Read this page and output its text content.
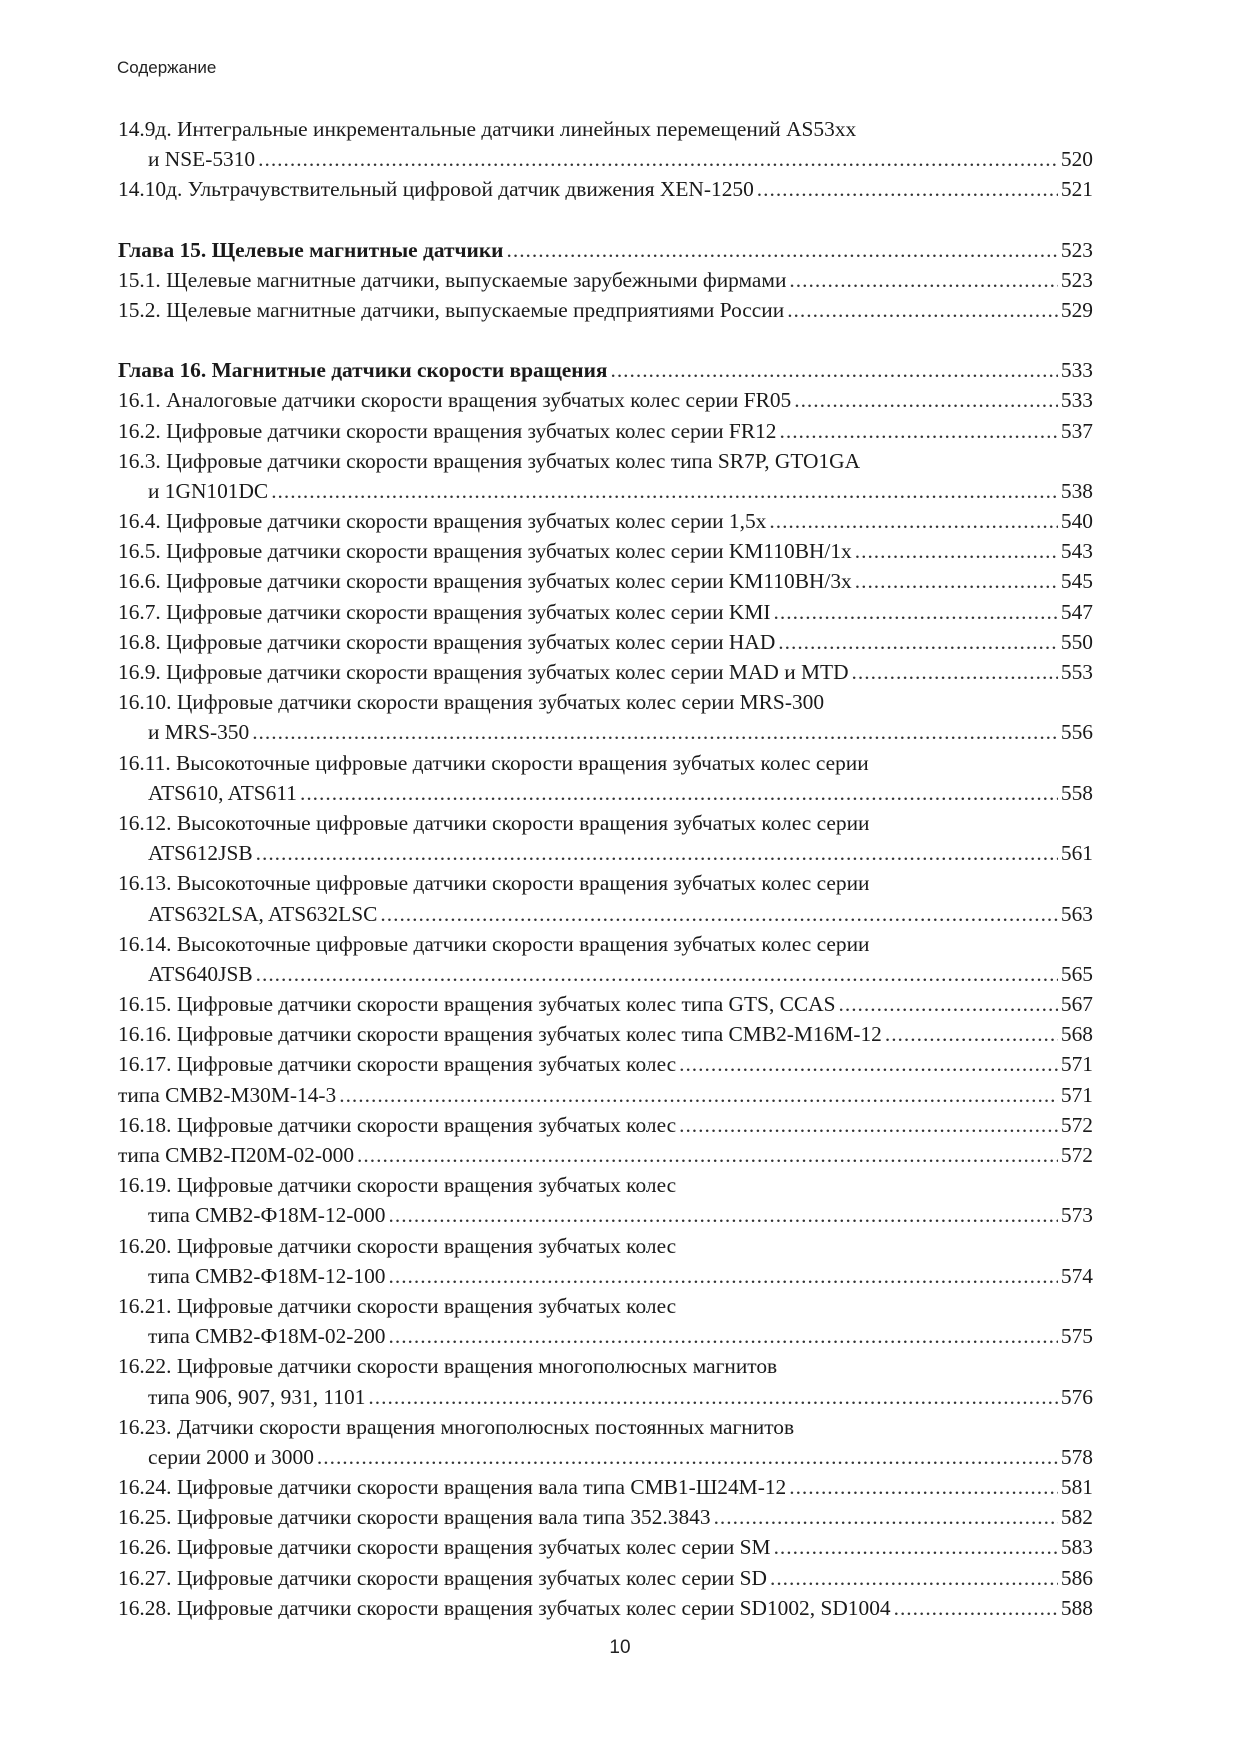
Содержание
14.9д. Интегральные инкрементальные датчики линейных перемещений AS53xx
и NSE-5310 .....	520
14.10д. Ультрачувствительный цифровой датчик движения XEN-1250 .....	521
Глава 15. Щелевые магнитные датчики .....	523
15.1. Щелевые магнитные датчики, выпускаемые зарубежными фирмами .....	523
15.2. Щелевые магнитные датчики, выпускаемые предприятиями России .....	529
Глава 16. Магнитные датчики скорости вращения .....	533
16.1. Аналоговые датчики скорости вращения зубчатых колес серии FR05 .....	533
16.2. Цифровые датчики скорости вращения зубчатых колес серии FR12 .....	537
16.3. Цифровые датчики скорости вращения зубчатых колес типа SR7P, GTO1GA
и 1GN101DC .....	538
16.4. Цифровые датчики скорости вращения зубчатых колес серии 1,5x .....	540
16.5. Цифровые датчики скорости вращения зубчатых колес серии KM110BH/1x .....	543
16.6. Цифровые датчики скорости вращения зубчатых колес серии KM110BH/3x .....	545
16.7. Цифровые датчики скорости вращения зубчатых колес серии KMI .....	547
16.8. Цифровые датчики скорости вращения зубчатых колес серии HAD .....	550
16.9. Цифровые датчики скорости вращения зубчатых колес серии MAD и MTD .....	553
16.10. Цифровые датчики скорости вращения зубчатых колес серии MRS-300
и MRS-350 .....	556
16.11. Высокоточные цифровые датчики скорости вращения зубчатых колес серии
ATS610, ATS611 .....	558
16.12. Высокоточные цифровые датчики скорости вращения зубчатых колес серии
ATS612JSB .....	561
16.13. Высокоточные цифровые датчики скорости вращения зубчатых колес серии
ATS632LSA, ATS632LSC .....	563
16.14. Высокоточные цифровые датчики скорости вращения зубчатых колес серии
ATS640JSB .....	565
16.15. Цифровые датчики скорости вращения зубчатых колес типа GTS, CCAS .....	567
16.16. Цифровые датчики скорости вращения зубчатых колес типа СМВ2-М16М-12 .....	568
16.17. Цифровые датчики скорости вращения зубчатых колес .....	571
типа СМВ2-М30М-14-3 .....	571
16.18. Цифровые датчики скорости вращения зубчатых колес .....	572
типа СМВ2-П20М-02-000 .....	572
16.19. Цифровые датчики скорости вращения зубчатых колес
типа СМВ2-Ф18М-12-000 .....	573
16.20. Цифровые датчики скорости вращения зубчатых колес
типа СМВ2-Ф18М-12-100 .....	574
16.21. Цифровые датчики скорости вращения зубчатых колес
типа СМВ2-Ф18М-02-200 .....	575
16.22. Цифровые датчики скорости вращения многополюсных магнитов
типа 906, 907, 931, 1101 .....	576
16.23. Датчики скорости вращения многополюсных постоянных магнитов
серии 2000 и 3000 .....	578
16.24. Цифровые датчики скорости вращения вала типа СМВ1-Ш24М-12 .....	581
16.25. Цифровые датчики скорости вращения вала типа 352.3843 .....	582
16.26. Цифровые датчики скорости вращения зубчатых колес серии SM .....	583
16.27. Цифровые датчики скорости вращения зубчатых колес серии SD .....	586
16.28. Цифровые датчики скорости вращения зубчатых колес серии SD1002, SD1004 .....	588
10
